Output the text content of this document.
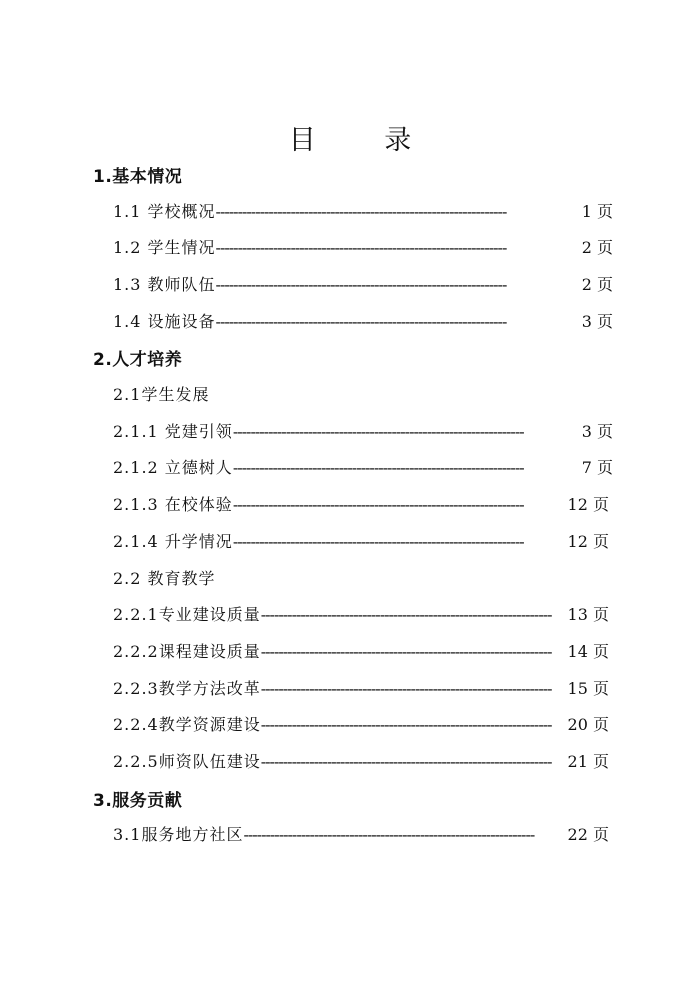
目 录
1.基本情况
1.1 学校概况 ------------------------------------------------------------------	1 页
1.2 学生情况 ------------------------------------------------------------------	2 页
1.3 教师队伍 ------------------------------------------------------------------	2 页
1.4 设施设备 ------------------------------------------------------------------	3 页
2.人才培养
2.1学生发展
2.1.1 党建引领 ------------------------------------------------------------------	3 页
2.1.2 立德树人 ------------------------------------------------------------------	7 页
2.1.3 在校体验 ------------------------------------------------------------------	12 页
2.1.4 升学情况 ------------------------------------------------------------------	12 页
2.2 教育教学
2.2.1专业建设质量 ------------------------------------------------------------------	13 页
2.2.2课程建设质量 ------------------------------------------------------------------	14 页
2.2.3教学方法改革 ------------------------------------------------------------------	15 页
2.2.4教学资源建设 ------------------------------------------------------------------	20 页
2.2.5师资队伍建设 ------------------------------------------------------------------	21 页
3.服务贡献
3.1服务地方社区 ------------------------------------------------------------------	22 页
